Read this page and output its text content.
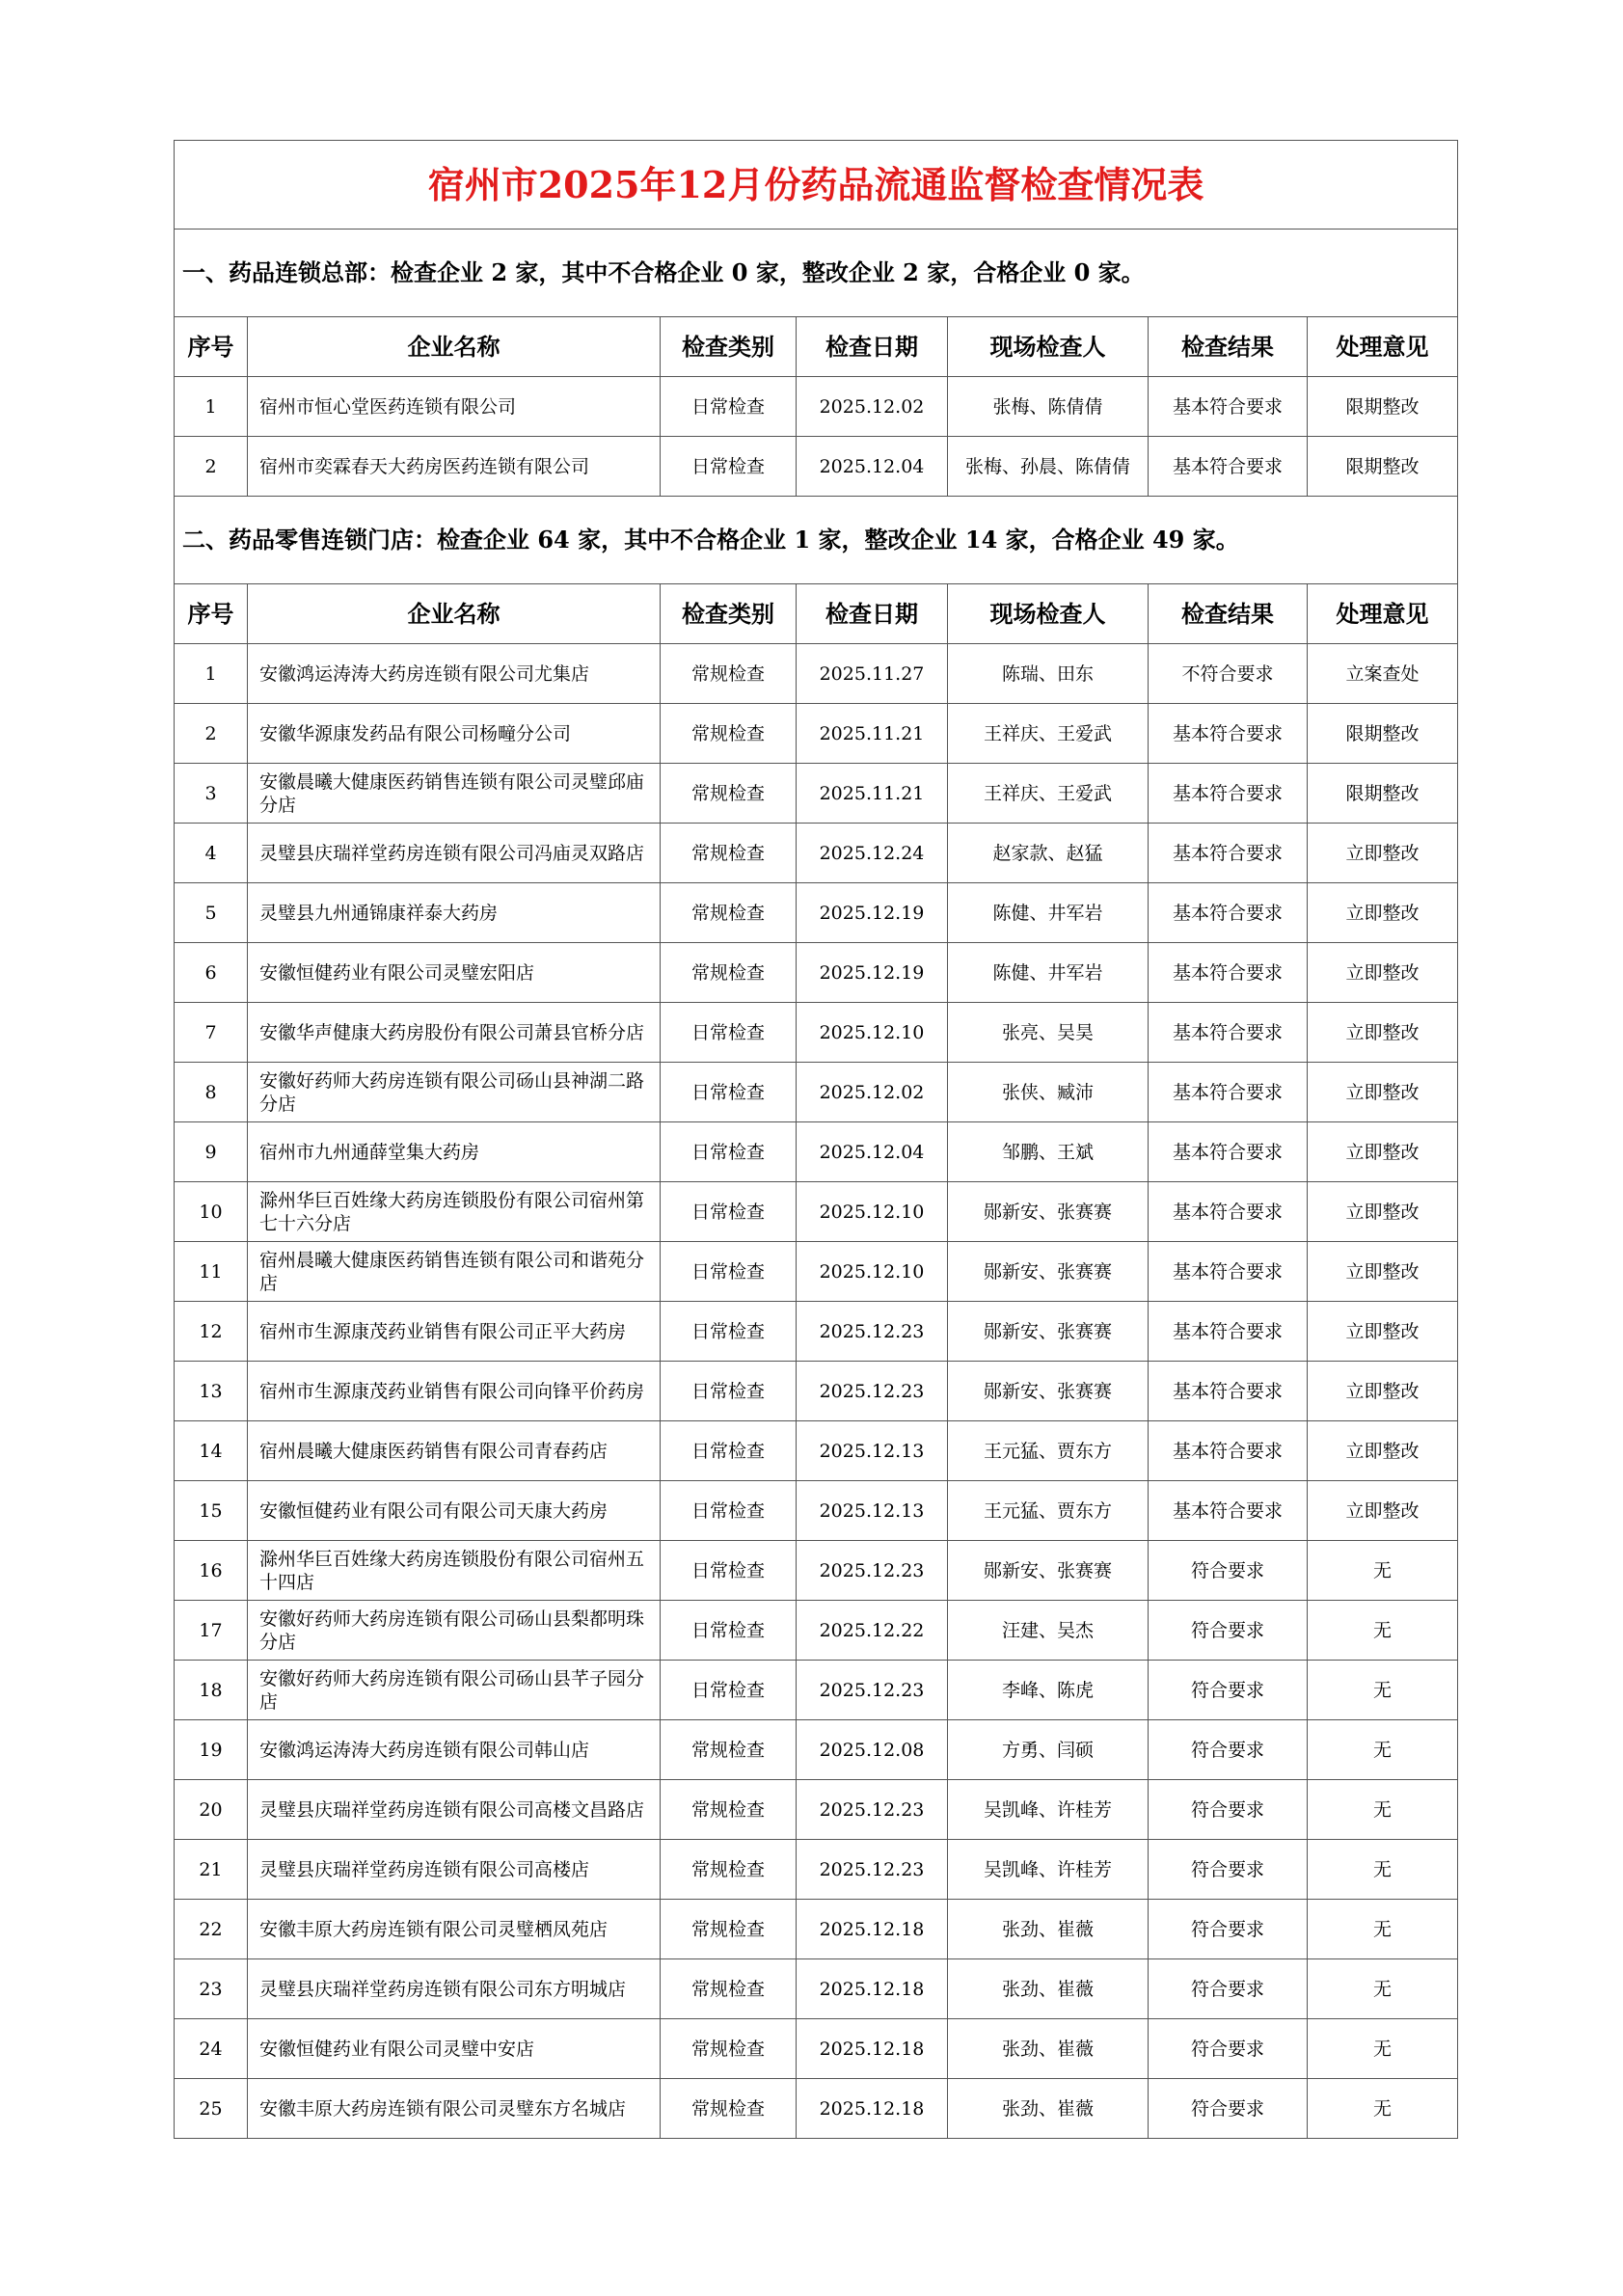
宿州市2025年12月份药品流通监督检查情况表						
一、药品连锁总部：检查企业 2 家，其中不合格企业 0 家，整改企业 2 家，合格企业 0 家。						
序号	企业名称	检查类别	检查日期	现场检查人	检查结果	处理意见
1	宿州市恒心堂医药连锁有限公司	日常检查	2025.12.02	张梅、陈倩倩	基本符合要求	限期整改
2	宿州市奕霖春天大药房医药连锁有限公司	日常检查	2025.12.04	张梅、孙晨、陈倩倩	基本符合要求	限期整改
二、药品零售连锁门店：检查企业 64 家，其中不合格企业 1 家，整改企业 14 家，合格企业 49 家。						
序号	企业名称	检查类别	检查日期	现场检查人	检查结果	处理意见
1	安徽鸿运涛涛大药房连锁有限公司尤集店	常规检查	2025.11.27	陈瑞、田东	不符合要求	立案查处
2	安徽华源康发药品有限公司杨疃分公司	常规检查	2025.11.21	王祥庆、王爱武	基本符合要求	限期整改
3	安徽晨曦大健康医药销售连锁有限公司灵璧邱庙分店	常规检查	2025.11.21	王祥庆、王爱武	基本符合要求	限期整改
4	灵璧县庆瑞祥堂药房连锁有限公司冯庙灵双路店	常规检查	2025.12.24	赵家款、赵猛	基本符合要求	立即整改
5	灵璧县九州通锦康祥泰大药房	常规检查	2025.12.19	陈健、井军岩	基本符合要求	立即整改
6	安徽恒健药业有限公司灵璧宏阳店	常规检查	2025.12.19	陈健、井军岩	基本符合要求	立即整改
7	安徽华声健康大药房股份有限公司萧县官桥分店	日常检查	2025.12.10	张亮、吴昊	基本符合要求	立即整改
8	安徽好药师大药房连锁有限公司砀山县神湖二路分店	日常检查	2025.12.02	张侠、臧沛	基本符合要求	立即整改
9	宿州市九州通薛堂集大药房	日常检查	2025.12.04	邹鹏、王斌	基本符合要求	立即整改
10	滁州华巨百姓缘大药房连锁股份有限公司宿州第七十六分店	日常检查	2025.12.10	郧新安、张赛赛	基本符合要求	立即整改
11	宿州晨曦大健康医药销售连锁有限公司和谐苑分店	日常检查	2025.12.10	郧新安、张赛赛	基本符合要求	立即整改
12	宿州市生源康茂药业销售有限公司正平大药房	日常检查	2025.12.23	郧新安、张赛赛	基本符合要求	立即整改
13	宿州市生源康茂药业销售有限公司向锋平价药房	日常检查	2025.12.23	郧新安、张赛赛	基本符合要求	立即整改
14	宿州晨曦大健康医药销售有限公司青春药店	日常检查	2025.12.13	王元猛、贾东方	基本符合要求	立即整改
15	安徽恒健药业有限公司有限公司天康大药房	日常检查	2025.12.13	王元猛、贾东方	基本符合要求	立即整改
16	滁州华巨百姓缘大药房连锁股份有限公司宿州五十四店	日常检查	2025.12.23	郧新安、张赛赛	符合要求	无
17	安徽好药师大药房连锁有限公司砀山县梨都明珠分店	日常检查	2025.12.22	汪建、吴杰	符合要求	无
18	安徽好药师大药房连锁有限公司砀山县芊子园分店	日常检查	2025.12.23	李峰、陈虎	符合要求	无
19	安徽鸿运涛涛大药房连锁有限公司韩山店	常规检查	2025.12.08	方勇、闫硕	符合要求	无
20	灵璧县庆瑞祥堂药房连锁有限公司高楼文昌路店	常规检查	2025.12.23	吴凯峰、许桂芳	符合要求	无
21	灵璧县庆瑞祥堂药房连锁有限公司高楼店	常规检查	2025.12.23	吴凯峰、许桂芳	符合要求	无
22	安徽丰原大药房连锁有限公司灵璧栖凤苑店	常规检查	2025.12.18	张劲、崔薇	符合要求	无
23	灵璧县庆瑞祥堂药房连锁有限公司东方明城店	常规检查	2025.12.18	张劲、崔薇	符合要求	无
24	安徽恒健药业有限公司灵璧中安店	常规检查	2025.12.18	张劲、崔薇	符合要求	无
25	安徽丰原大药房连锁有限公司灵璧东方名城店	常规检查	2025.12.18	张劲、崔薇	符合要求	无
